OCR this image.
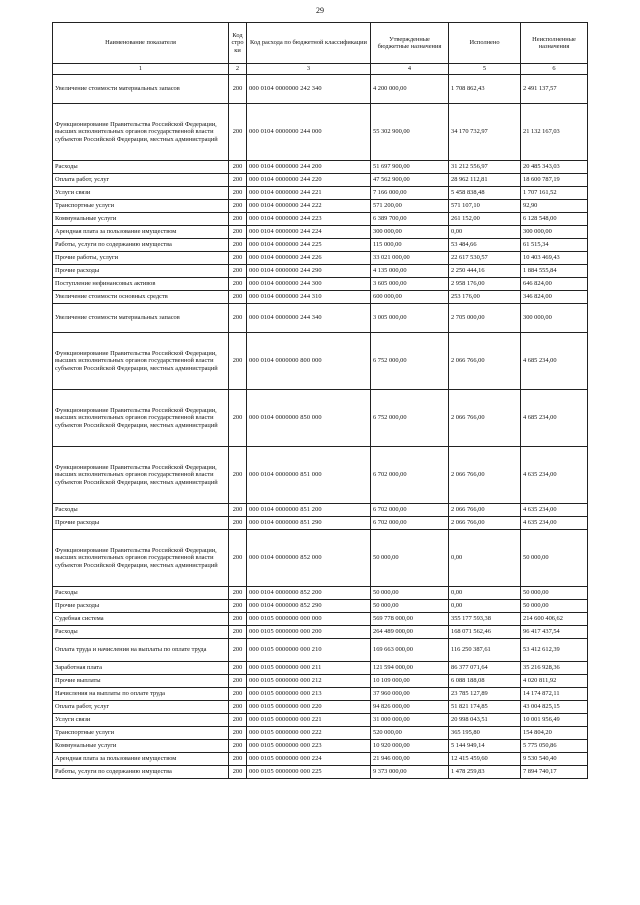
29
Наименование показателя	Код стро ки	Код расхода по бюджетной классификации	Утвержденные бюджетные назначения	Исполнено	Неисполненные назначения
1	2	3	4	5	6
Увеличение стоимости материальных запасов	200	000 0104 0000000 242 340	4 200 000,00	1 708 862,43	2 491 137,57
Функционирование Правительства Российской Федерации, высших исполнительных органов государственной власти субъектов Российской Федерации, местных администраций	200	000 0104 0000000 244 000	55 302 900,00	34 170 732,97	21 132 167,03
Расходы	200	000 0104 0000000 244 200	51 697 900,00	31 212 556,97	20 485 343,03
Оплата работ, услуг	200	000 0104 0000000 244 220	47 562 900,00	28 962 112,81	18 600 787,19
Услуги связи	200	000 0104 0000000 244 221	7 166 000,00	5 458 838,48	1 707 161,52
Транспортные услуги	200	000 0104 0000000 244 222	571 200,00	571 107,10	92,90
Коммунальные услуги	200	000 0104 0000000 244 223	6 389 700,00	261 152,00	6 128 548,00
Арендная плата за пользование имуществом	200	000 0104 0000000 244 224	300 000,00	0,00	300 000,00
Работы, услуги по содержанию имущества	200	000 0104 0000000 244 225	115 000,00	53 484,66	61 515,34
Прочие работы, услуги	200	000 0104 0000000 244 226	33 021 000,00	22 617 530,57	10 403 469,43
Прочие расходы	200	000 0104 0000000 244 290	4 135 000,00	2 250 444,16	1 884 555,84
Поступление нефинансовых активов	200	000 0104 0000000 244 300	3 605 000,00	2 958 176,00	646 824,00
Увеличение стоимости основных средств	200	000 0104 0000000 244 310	600 000,00	253 176,00	346 824,00
Увеличение стоимости материальных запасов	200	000 0104 0000000 244 340	3 005 000,00	2 705 000,00	300 000,00
Функционирование Правительства Российской Федерации, высших исполнительных органов государственной власти субъектов Российской Федерации, местных администраций	200	000 0104 0000000 800 000	6 752 000,00	2 066 766,00	4 685 234,00
Функционирование Правительства Российской Федерации, высших исполнительных органов государственной власти субъектов Российской Федерации, местных администраций	200	000 0104 0000000 850 000	6 752 000,00	2 066 766,00	4 685 234,00
Функционирование Правительства Российской Федерации, высших исполнительных органов государственной власти субъектов Российской Федерации, местных администраций	200	000 0104 0000000 851 000	6 702 000,00	2 066 766,00	4 635 234,00
Расходы	200	000 0104 0000000 851 200	6 702 000,00	2 066 766,00	4 635 234,00
Прочие расходы	200	000 0104 0000000 851 290	6 702 000,00	2 066 766,00	4 635 234,00
Функционирование Правительства Российской Федерации, высших исполнительных органов государственной власти субъектов Российской Федерации, местных администраций	200	000 0104 0000000 852 000	50 000,00	0,00	50 000,00
Расходы	200	000 0104 0000000 852 200	50 000,00	0,00	50 000,00
Прочие расходы	200	000 0104 0000000 852 290	50 000,00	0,00	50 000,00
Судебная система	200	000 0105 0000000 000 000	569 778 000,00	355 177 593,38	214 600 406,62
Расходы	200	000 0105 0000000 000 200	264 489 000,00	168 071 562,46	96 417 437,54
Оплата труда и начисления на выплаты по оплате труда	200	000 0105 0000000 000 210	169 663 000,00	116 250 387,61	53 412 612,39
Заработная плата	200	000 0105 0000000 000 211	121 594 000,00	86 377 071,64	35 216 928,36
Прочие выплаты	200	000 0105 0000000 000 212	10 109 000,00	6 088 188,08	4 020 811,92
Начисления на выплаты по оплате труда	200	000 0105 0000000 000 213	37 960 000,00	23 785 127,89	14 174 872,11
Оплата работ, услуг	200	000 0105 0000000 000 220	94 826 000,00	51 821 174,85	43 004 825,15
Услуги связи	200	000 0105 0000000 000 221	31 000 000,00	20 998 043,51	10 001 956,49
Транспортные услуги	200	000 0105 0000000 000 222	520 000,00	365 195,80	154 804,20
Коммунальные услуги	200	000 0105 0000000 000 223	10 920 000,00	5 144 949,14	5 775 050,86
Арендная плата за пользование имуществом	200	000 0105 0000000 000 224	21 946 000,00	12 415 459,60	9 530 540,40
Работы, услуги по содержанию имущества	200	000 0105 0000000 000 225	9 373 000,00	1 478 259,83	7 894 740,17
